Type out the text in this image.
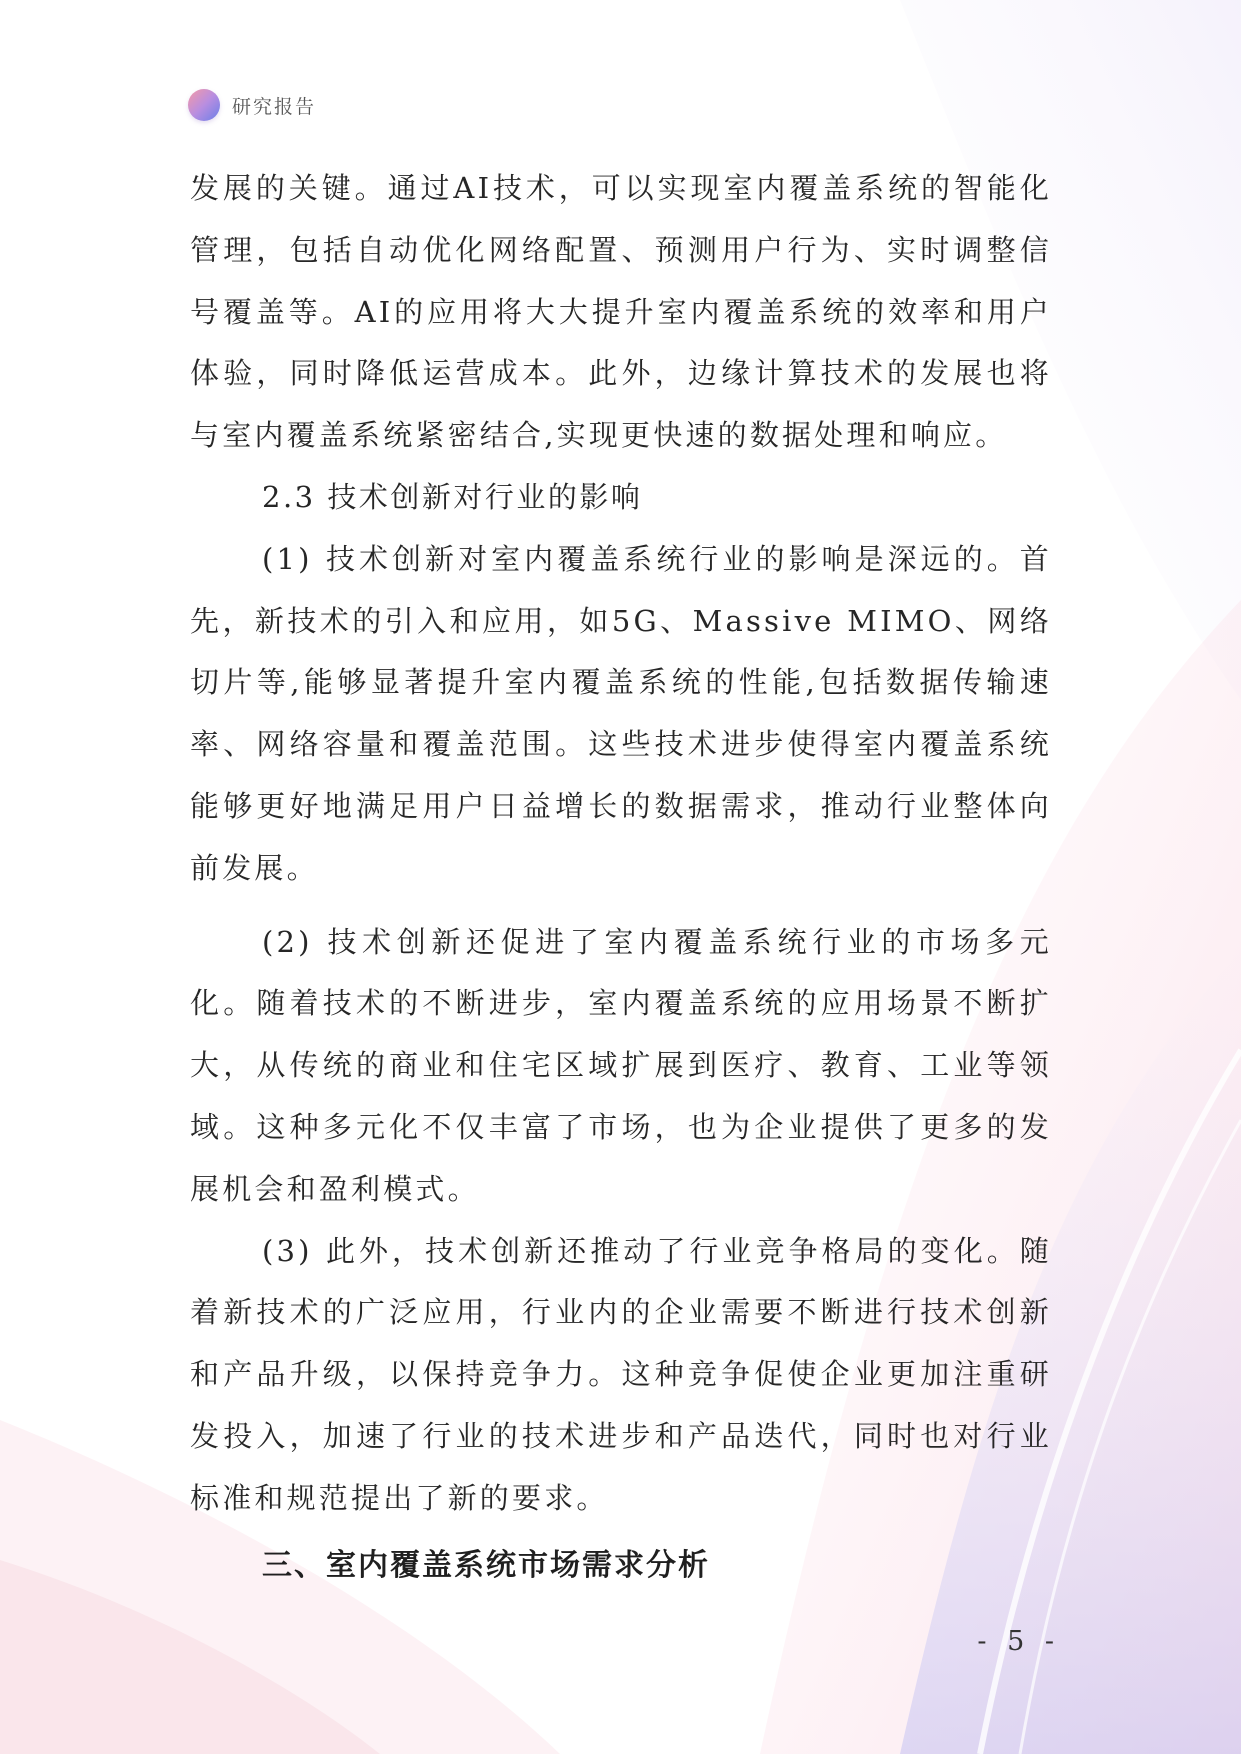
研究报告

发展的关键。通过AI技术，可以实现室内覆盖系统的智能化管理，包括自动优化网络配置、预测用户行为、实时调整信号覆盖等。AI的应用将大大提升室内覆盖系统的效率和用户体验，同时降低运营成本。此外，边缘计算技术的发展也将与室内覆盖系统紧密结合,实现更快速的数据处理和响应。

2.3 技术创新对行业的影响

(1) 技术创新对室内覆盖系统行业的影响是深远的。首先，新技术的引入和应用，如5G、Massive MIMO、网络切片等,能够显著提升室内覆盖系统的性能,包括数据传输速率、网络容量和覆盖范围。这些技术进步使得室内覆盖系统能够更好地满足用户日益增长的数据需求，推动行业整体向前发展。

(2) 技术创新还促进了室内覆盖系统行业的市场多元化。随着技术的不断进步，室内覆盖系统的应用场景不断扩大，从传统的商业和住宅区域扩展到医疗、教育、工业等领域。这种多元化不仅丰富了市场，也为企业提供了更多的发展机会和盈利模式。

(3) 此外，技术创新还推动了行业竞争格局的变化。随着新技术的广泛应用，行业内的企业需要不断进行技术创新和产品升级，以保持竞争力。这种竞争促使企业更加注重研发投入，加速了行业的技术进步和产品迭代，同时也对行业标准和规范提出了新的要求。

三、室内覆盖系统市场需求分析

- 5 -
